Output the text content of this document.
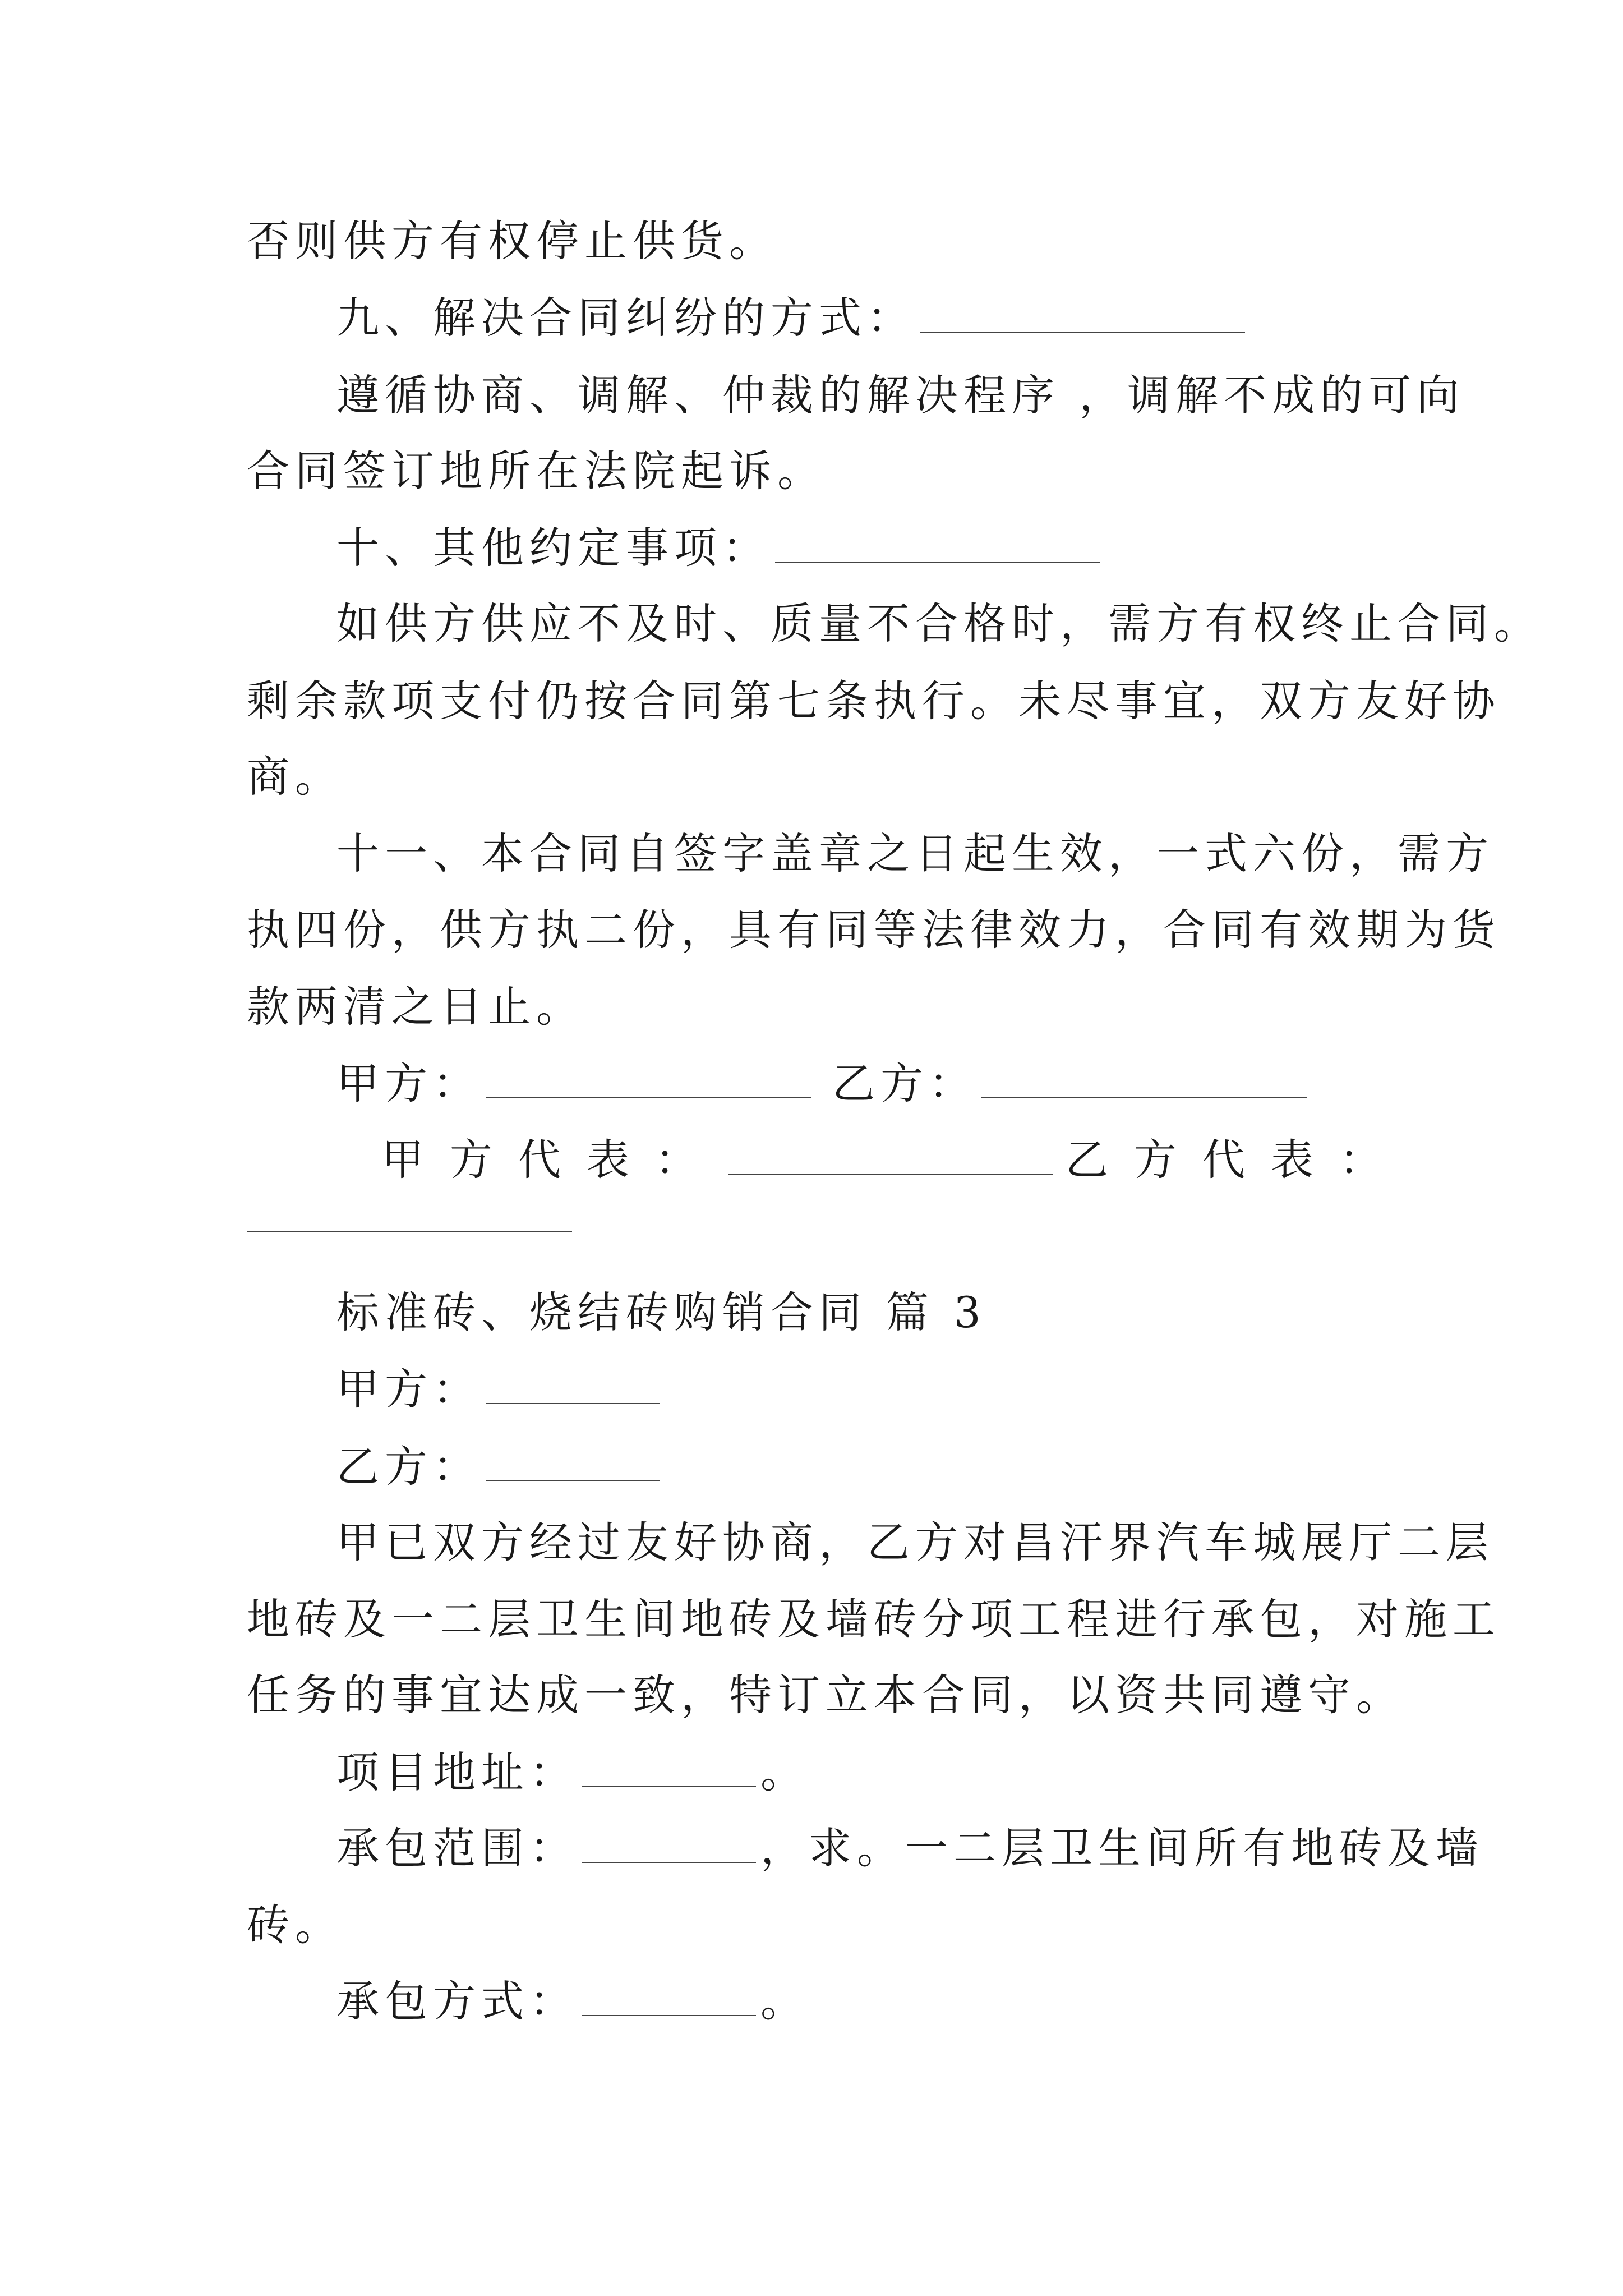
否则供方有权停止供货。
九、解决合同纠纷的方式：
遵循协商、调解、仲裁的解决程序 ，调解不成的可向
合同签订地所在法院起诉。
十、其他约定事项：
如供方供应不及时、质量不合格时，需方有权终止合同。
剩余款项支付仍按合同第七条执行。未尽事宜，双方友好协
商。
十一、本合同自签字盖章之日起生效，一式六份，需方
执四份，供方执二份，具有同等法律效力，合同有效期为货
款两清之日止。
甲方：	乙方：
甲方代表：	乙方代表：
标准砖、烧结砖购销合同 篇 3
甲方：
乙方：
甲已双方经过友好协商，乙方对昌汗界汽车城展厅二层
地砖及一二层卫生间地砖及墙砖分项工程进行承包，对施工
任务的事宜达成一致，特订立本合同，以资共同遵守。
项目地址：	。
承包范围：	，求。一二层卫生间所有地砖及墙
砖。
承包方式：	。
